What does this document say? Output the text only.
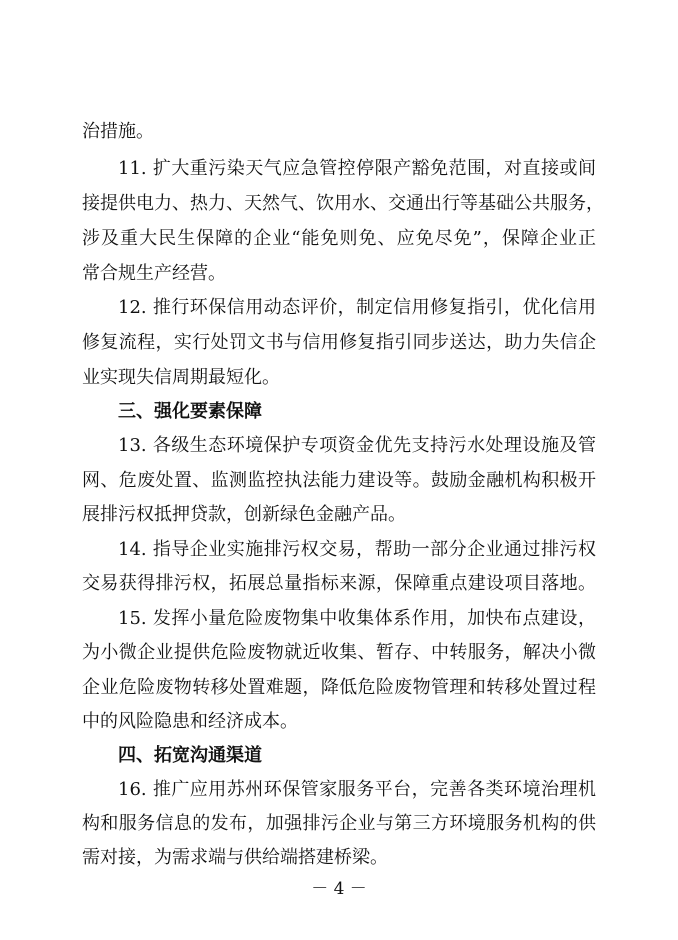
治措施。
11. 扩大重污染天气应急管控停限产豁免范围，对直接或间
接提供电力、热力、天然气、饮用水、交通出行等基础公共服务，
涉及重大民生保障的企业“能免则免、应免尽免”，保障企业正
常合规生产经营。
12. 推行环保信用动态评价，制定信用修复指引，优化信用
修复流程，实行处罚文书与信用修复指引同步送达，助力失信企
业实现失信周期最短化。
三、强化要素保障
13. 各级生态环境保护专项资金优先支持污水处理设施及管
网、危废处置、监测监控执法能力建设等。鼓励金融机构积极开
展排污权抵押贷款，创新绿色金融产品。
14. 指导企业实施排污权交易，帮助一部分企业通过排污权
交易获得排污权，拓展总量指标来源，保障重点建设项目落地。
15. 发挥小量危险废物集中收集体系作用，加快布点建设，
为小微企业提供危险废物就近收集、暂存、中转服务，解决小微
企业危险废物转移处置难题，降低危险废物管理和转移处置过程
中的风险隐患和经济成本。
四、拓宽沟通渠道
16. 推广应用苏州环保管家服务平台，完善各类环境治理机
构和服务信息的发布，加强排污企业与第三方环境服务机构的供
需对接，为需求端与供给端搭建桥梁。
－ 4 －
